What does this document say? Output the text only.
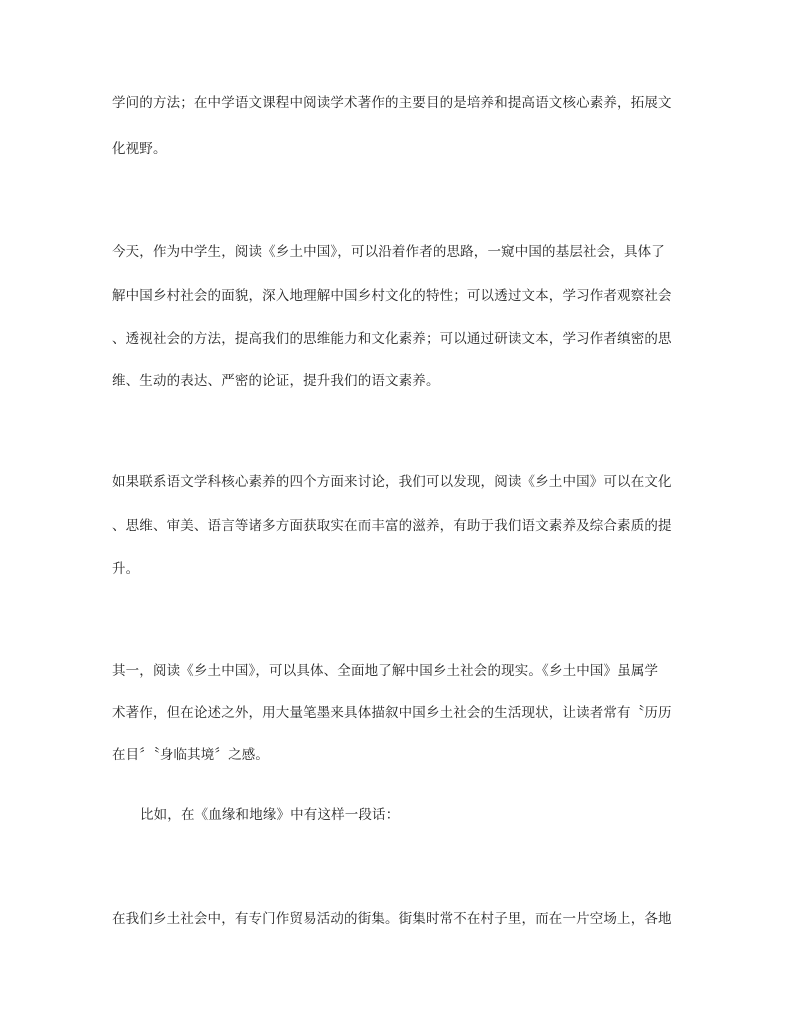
学问的方法；在中学语文课程中阅读学术著作的主要目的是培养和提高语文核心素养，拓展文
化视野。
今天，作为中学生，阅读《乡土中国》，可以沿着作者的思路，一窥中国的基层社会，具体了
解中国乡村社会的面貌，深入地理解中国乡村文化的特性；可以透过文本，学习作者观察社会
、透视社会的方法，提高我们的思维能力和文化素养；可以通过研读文本，学习作者缜密的思
维、生动的表达、严密的论证，提升我们的语文素养。
如果联系语文学科核心素养的四个方面来讨论，我们可以发现，阅读《乡土中国》可以在文化
、思维、审美、语言等诸多方面获取实在而丰富的滋养，有助于我们语文素养及综合素质的提
升。
其一，阅读《乡土中国》，可以具体、全面地了解中国乡土社会的现实。《乡土中国》虽属学
术著作，但在论述之外，用大量笔墨来具体描叙中国乡土社会的生活现状，让读者常有〝历历
在目〞〝身临其境〞之感。
比如，在《血缘和地缘》中有这样一段话：
在我们乡土社会中，有专门作贸易活动的街集。街集时常不在村子里，而在一片空场上，各地
